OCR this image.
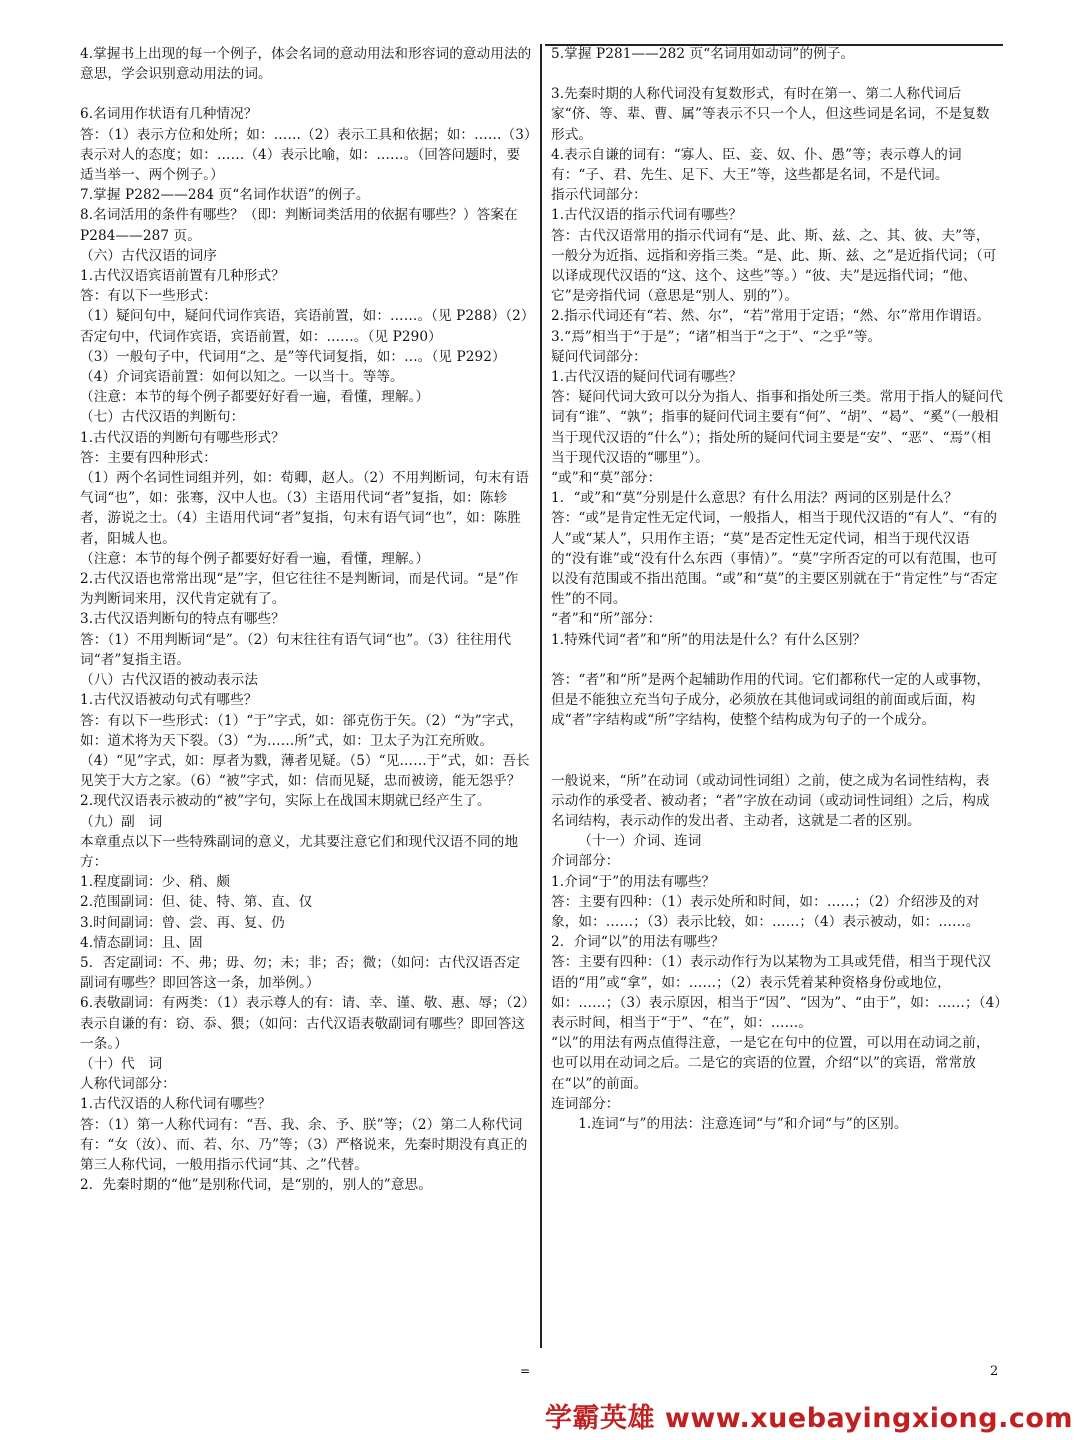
4.掌握书上出现的每一个例子，体会名词的意动用法和形容词的意动用法的意思，学会识别意动用法的词。
6.名词用作状语有几种情况？
答：（1）表示方位和处所；如：……（2）表示工具和依据；如：……（3）表示对人的态度；如：……（4）表示比喻，如：……。（回答问题时，要适当举一、两个例子。）
7.掌握 P282——284 页“名词作状语”的例子。
8.名词活用的条件有哪些？（即：判断词类活用的依据有哪些？）答案在 P284——287 页。
（六）古代汉语的词序
1.古代汉语宾语前置有几种形式？
答：有以下一些形式：
（1）疑问句中，疑问代词作宾语，宾语前置，如：……。（见 P288）（2）否定句中，代词作宾语，宾语前置，如：……。（见 P290）
（3）一般句子中，代词用“之、是”等代词复指，如：…。（见 P292）
（4）介词宾语前置：如何以知之。一以当十。等等。
（注意：本节的每个例子都要好好看一遍，看懂，理解。）
（七）古代汉语的判断句：
1.古代汉语的判断句有哪些形式？
答：主要有四种形式：
（1）两个名词性词组并列，如：荀卿，赵人。（2）不用判断词，句末有语气词“也”，如：张骞，汉中人也。（3）主语用代词“者”复指，如：陈轸者，游说之士。（4）主语用代词“者”复指，句末有语气词“也”，如：陈胜者，阳城人也。
（注意：本节的每个例子都要好好看一遍，看懂，理解。）
2.古代汉语也常常出现“是”字，但它往往不是判断词，而是代词。“是”作为判断词来用，汉代肯定就有了。
3.古代汉语判断句的特点有哪些？
答：（1）不用判断词“是”。（2）句末往往有语气词“也”。（3）往往用代词“者”复指主语。
（八）古代汉语的被动表示法
1.古代汉语被动句式有哪些？
答：有以下一些形式：（1）“于”字式，如：郤克伤于矢。（2）“为”字式，如：道术将为天下裂。（3）“为……所”式，如：卫太子为江充所败。（4）“见”字式，如：厚者为戮，薄者见疑。（5）“见……于”式，如：吾长见笑于大方之家。（6）“被”字式，如：信而见疑，忠而被谤，能无怨乎？
2.现代汉语表示被动的“被”字句，实际上在战国末期就已经产生了。
（九）副　词
本章重点以下一些特殊副词的意义，尤其要注意它们和现代汉语不同的地方：
1.程度副词：少、稍、颇
2.范围副词：但、徒、特、第、直、仅
3.时间副词：曾、尝、再、复、仍
4.情态副词：且、固
5．否定副词：不、弗；毋、勿；未；非；否；微；（如问：古代汉语否定副词有哪些？即回答这一条，加举例。）
6.表敬副词：有两类：（1）表示尊人的有：请、幸、谨、敬、惠、辱；（2）表示自谦的有：窃、忝、猥；（如问：古代汉语表敬副词有哪些？即回答这一条。）
（十）代　词
人称代词部分：
1.古代汉语的人称代词有哪些？
答：（1）第一人称代词有：“吾、我、余、予、朕”等；（2）第二人称代词有：“女（汝）、而、若、尔、乃”等；（3）严格说来，先秦时期没有真正的第三人称代词，一般用指示代词“其、之”代替。
2．先秦时期的“他”是别称代词，是“别的，别人的”意思。
5.掌握 P281——282 页“名词用如动词”的例子。
3.先秦时期的人称代词没有复数形式，有时在第一、第二人称代词后家“侪、等、辈、曹、属”等表示不只一个人，但这些词是名词，不是复数形式。
4.表示自谦的词有：“寡人、臣、妾、奴、仆、愚”等；表示尊人的词有：“子、君、先生、足下、大王”等，这些都是名词，不是代词。
指示代词部分：
1.古代汉语的指示代词有哪些？
答：古代汉语常用的指示代词有“是、此、斯、兹、之、其、彼、夫”等，一般分为近指、远指和旁指三类。“是、此、斯、兹、之”是近指代词；（可以译成现代汉语的“这、这个、这些”等。）“彼、夫”是远指代词；“他、它”是旁指代词（意思是“别人、别的”）。
2.指示代词还有“若、然、尔”，“若”常用于定语；“然、尔”常用作谓语。
3.“焉”相当于“于是”；“诸”相当于“之于”、“之乎”等。
疑问代词部分：
1.古代汉语的疑问代词有哪些？
答：疑问代词大致可以分为指人、指事和指处所三类。常用于指人的疑问代词有“谁”、“孰”；指事的疑问代词主要有“何”、“胡”、“曷”、“奚”（一般相当于现代汉语的“什么”）；指处所的疑问代词主要是“安”、“恶”、“焉”（相当于现代汉语的“哪里”）。
“或”和“莫”部分：
1．“或”和“莫”分别是什么意思？有什么用法？两词的区别是什么？
答：“或”是肯定性无定代词，一般指人，相当于现代汉语的“有人”、“有的人”或“某人”，只用作主语；“莫”是否定性无定代词，相当于现代汉语的“没有谁”或“没有什么东西（事情）”。“莫”字所否定的可以有范围，也可以没有范围或不指出范围。“或”和“莫”的主要区别就在于“肯定性”与“否定性”的不同。
“者”和“所”部分：
1.特殊代词“者”和“所”的用法是什么？有什么区别？
答：“者”和“所”是两个起辅助作用的代词。它们都称代一定的人或事物，但是不能独立充当句子成分，必须放在其他词或词组的前面或后面，构成“者”字结构或“所”字结构，使整个结构成为句子的一个成分。
一般说来，“所”在动词（或动词性词组）之前，使之成为名词性结构，表示动作的承受者、被动者；“者”字放在动词（或动词性词组）之后，构成名词结构，表示动作的发出者、主动者，这就是二者的区别。
（十一）介词、连词
介词部分：
1.介词“于”的用法有哪些？
答：主要有四种：（1）表示处所和时间，如：……；（2）介绍涉及的对象，如：……；（3）表示比较，如：……；（4）表示被动，如：……。
2．介词“以”的用法有哪些？
答：主要有四种：（1）表示动作行为以某物为工具或凭借，相当于现代汉语的“用”或“拿”，如：……；（2）表示凭着某种资格身份或地位，如：……；（3）表示原因，相当于“因”、“因为”、“由于”，如：……；（4）表示时间，相当于“于”、“在”，如：……。
“以”的用法有两点值得注意，一是它在句中的位置，可以用在动词之前，也可以用在动词之后。二是它的宾语的位置，介绍“以”的宾语，常常放在“以”的前面。
连词部分：
1.连词“与”的用法：注意连词“与”和介词“与”的区别。
=	2
学霸英雄 www.xuebayingxiong.com
